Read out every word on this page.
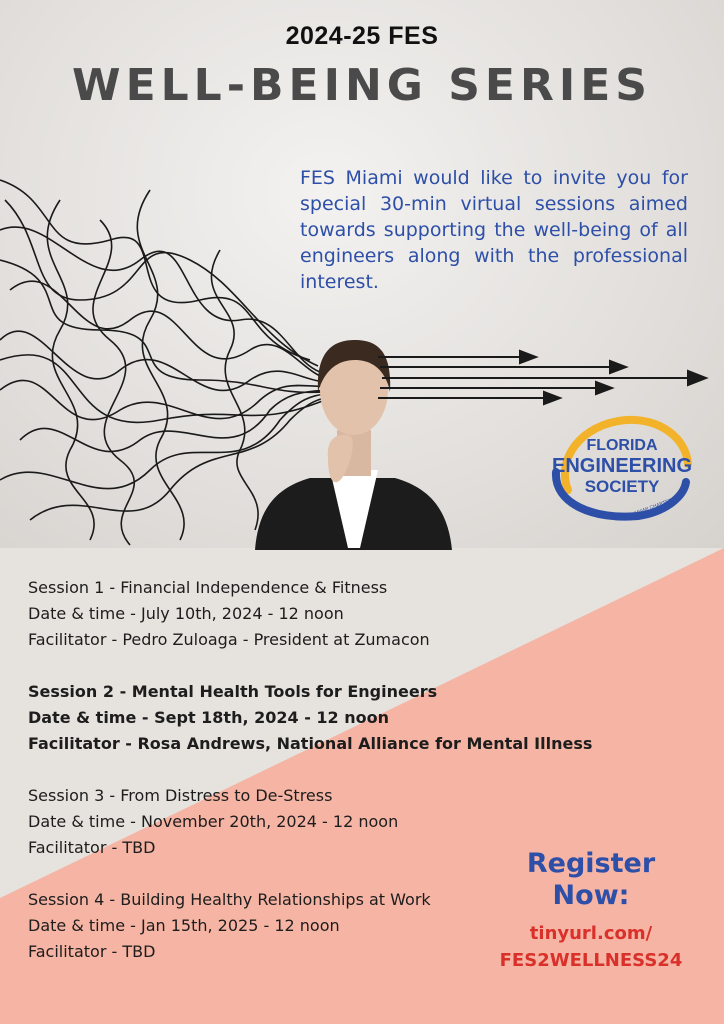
2024-25 FES
WELL-BEING SERIES
FES Miami would like to invite you for special 30-min virtual sessions aimed towards supporting the well-being of all engineers along with the professional interest.
FLORIDA
ENGINEERING
SOCIETY
MIAMI CHAPTER
Session 1 - Financial Independence & Fitness
Date & time - July 10th, 2024 - 12 noon
Facilitator - Pedro Zuloaga - President at Zumacon
Session 2 - Mental Health Tools for Engineers
Date & time - Sept 18th, 2024 - 12 noon
Facilitator - Rosa Andrews, National Alliance for Mental Illness
Session 3 - From Distress to De-Stress
Date & time - November 20th, 2024 - 12 noon
Facilitator - TBD
Session 4 - Building Healthy Relationships at Work
Date & time - Jan 15th, 2025 - 12 noon
Facilitator - TBD
Register
Now:
tinyurl.com/
FES2WELLNESS24
